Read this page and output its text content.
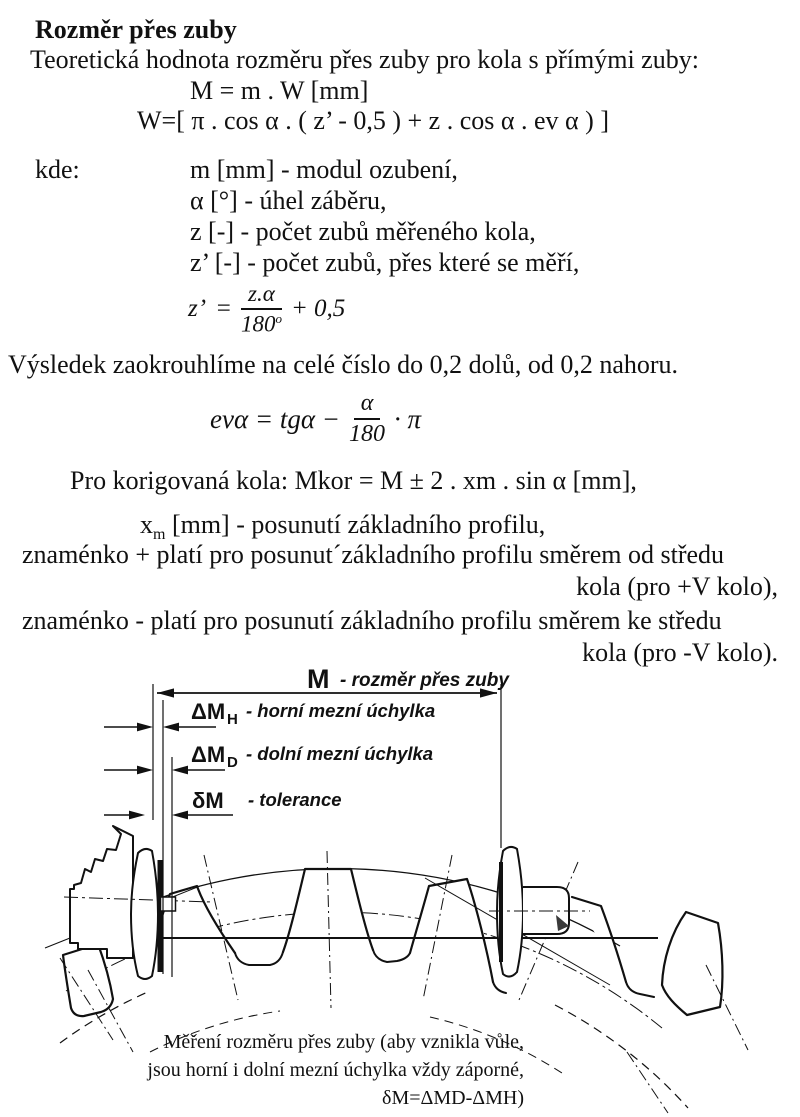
Rozměr přes zuby
Teoretická hodnota rozměru přes zuby pro kola s přímými zuby:
M = m . W [mm]
W=[ π . cos α . ( z’ - 0,5 ) + z . cos α . ev α ) ]
kde:	m [mm] - modul ozubení,
α [°] - úhel záběru,
z [-] - počet zubů měřeného kola,
z’ [-] - počet zubů, přes které se měří,
z’ = $\frac{z.\alpha}{180^o} + 0,5$
Výsledek zaokrouhlíme na celé číslo do 0,2 dolů, od 0,2 nahoru.
$ev\alpha = tg\alpha - \frac{\alpha}{180} \cdot \pi$
Pro korigovaná kola: Mkor = M ± 2 . xm . sin α [mm],
$x_m$ [mm] - posunutí základního profilu,
znaménko + platí pro posunut´základního profilu směrem od středu
kola (pro +V kolo),
znaménko - platí pro posunutí základního profilu směrem ke středu
kola (pro -V kolo).
M - rozměr přes zuby
ΔM H - horní mezní úchylka
ΔM D - dolní mezní úchylka
δM - tolerance
Měření rozměru přes zuby (aby vznikla vůle,
jsou horní i dolní mezní úchylka vždy záporné,
δM=ΔMD-ΔMH)
